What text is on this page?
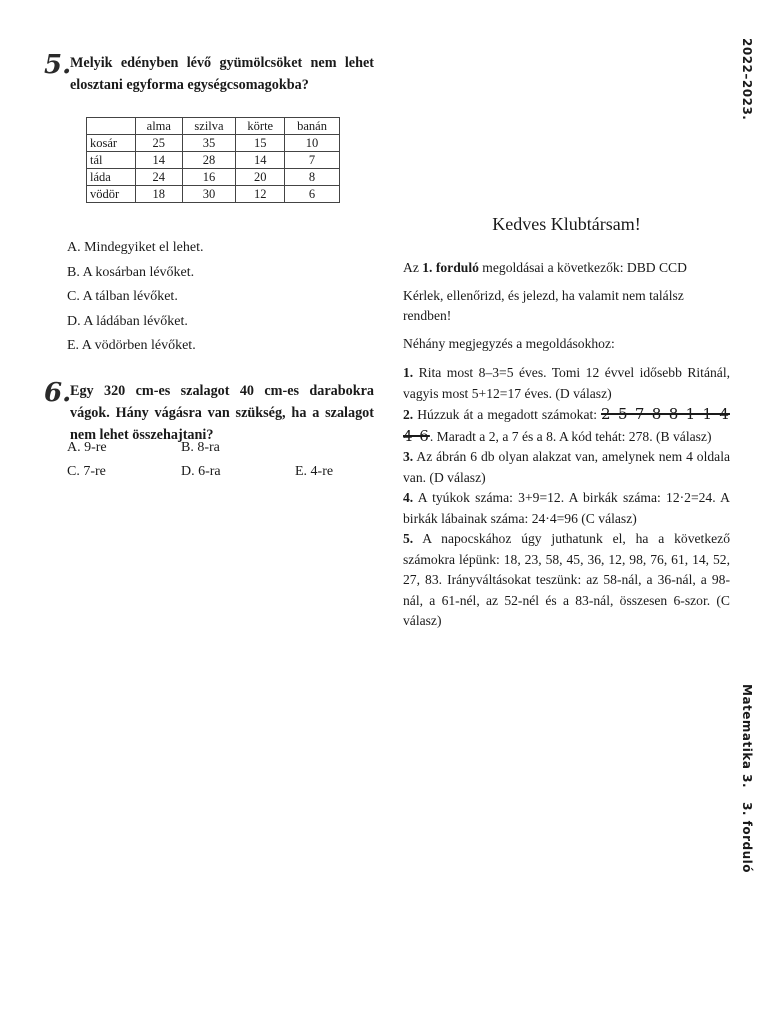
5.
Melyik edényben lévő gyümölcsöket nem lehet elosztani egyforma egységcsomagokba?
	alma	szilva	körte	banán
kosár	25	35	15	10
tál	14	28	14	7
láda	24	16	20	8
vödör	18	30	12	6
A. Mindegyiket el lehet.
B. A kosárban lévőket.
C. A tálban lévőket.
D. A ládában lévőket.
E. A vödörben lévőket.
6.
Egy 320 cm-es szalagot 40 cm-es darabokra vágok. Hány vágásra van szükség, ha a szalagot nem lehet összehajtani?
A. 9-re	B. 8-ra
C. 7-re	D. 6-ra	E. 4-re
Kedves Klubtársam!

Az 1. forduló megoldásai a következők: DBD CCD

Kérlek, ellenőrizd, és jelezd, ha valamit nem találsz rendben!

Néhány megjegyzés a megoldásokhoz:

1. Rita most 8–3=5 éves. Tomi 12 évvel idősebb Ritánál, vagyis most 5+12=17 éves. (D válasz)

2. Húzzuk át a megadott számokat: 2 5 7 8 8 1 1 4 4 6. Maradt a 2, a 7 és a 8. A kód tehát: 278. (B válasz)

3. Az ábrán 6 db olyan alakzat van, amelynek nem 4 oldala van. (D válasz)

4. A tyúkok száma: 3+9=12. A birkák száma: 12·2=24. A birkák lábainak száma: 24·4=96 (C válasz)

5. A napocskához úgy juthatunk el, ha a következő számokra lépünk: 18, 23, 58, 45, 36, 12, 98, 76, 61, 14, 52, 27, 83. Irányváltásokat teszünk: az 58-nál, a 36-nál, a 98-nál, a 61-nél, az 52-nél és a 83-nál, összesen 6-szor. (C válasz)

2022–2023.
Matematika 3.   3. forduló
